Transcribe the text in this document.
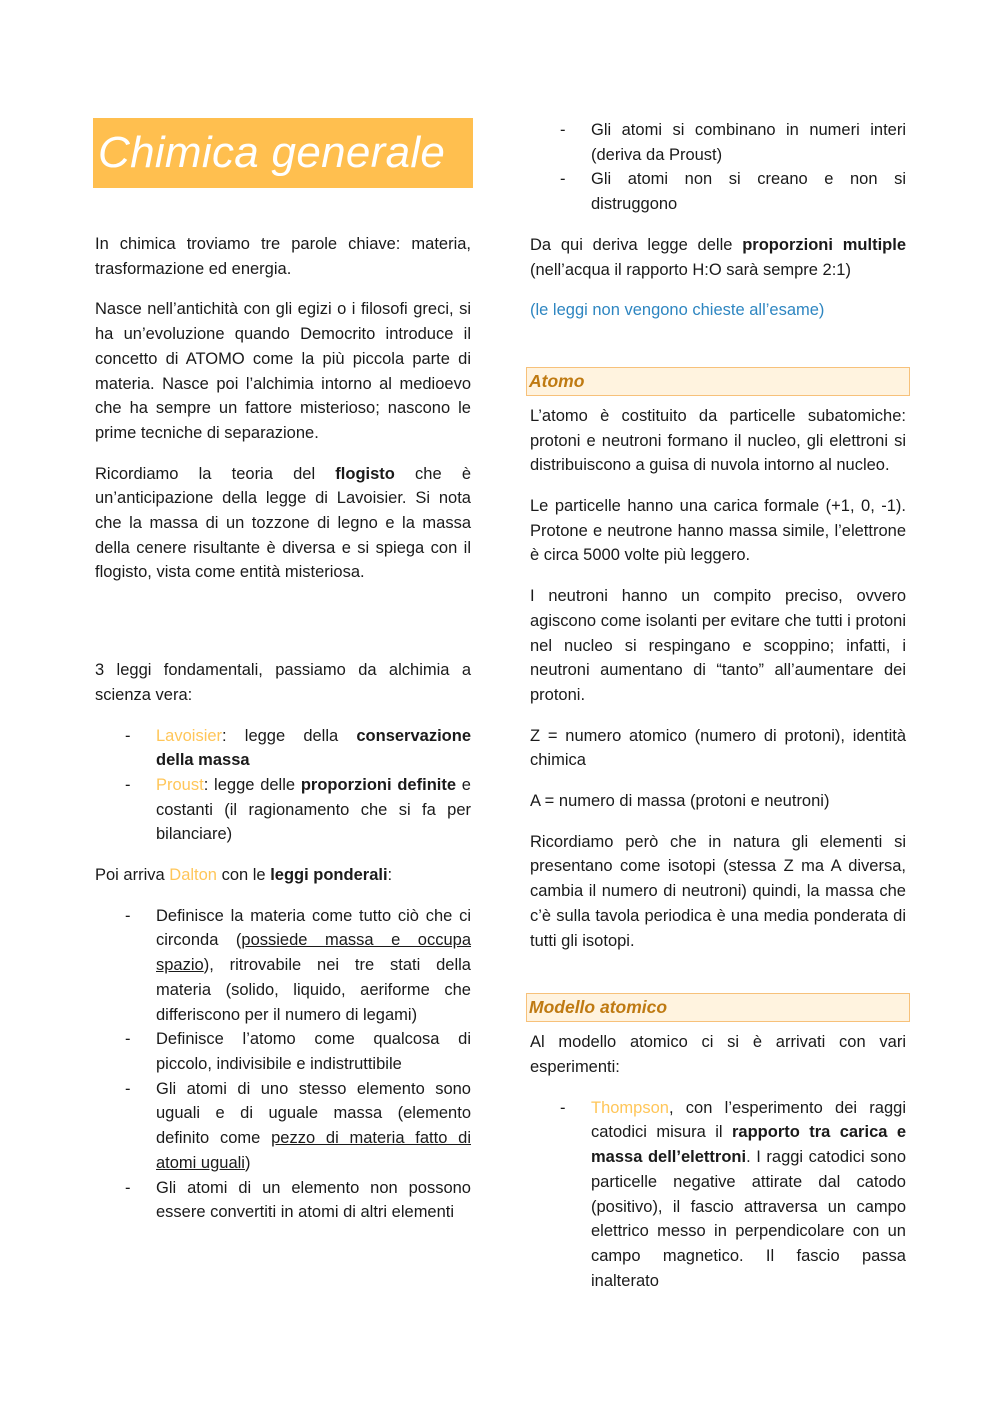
Chimica generale

In chimica troviamo tre parole chiave: materia, trasformazione ed energia.

Nasce nell’antichità con gli egizi o i filosofi greci, si ha un’evoluzione quando Democrito introduce il concetto di ATOMO come la più piccola parte di materia. Nasce poi l’alchimia intorno al medioevo che ha sempre un fattore misterioso; nascono le prime tecniche di separazione.

Ricordiamo la teoria del flogisto che è un’anticipazione della legge di Lavoisier. Si nota che la massa di un tozzone di legno e la massa della cenere risultante è diversa e si spiega con il flogisto, vista come entità misteriosa.

3 leggi fondamentali, passiamo da alchimia a scienza vera:

- Lavoisier: legge della conservazione della massa
- Proust: legge delle proporzioni definite e costanti (il ragionamento che si fa per bilanciare)

Poi arriva Dalton con le leggi ponderali:

- Definisce la materia come tutto ciò che ci circonda (possiede massa e occupa spazio), ritrovabile nei tre stati della materia (solido, liquido, aeriforme che differiscono per il numero di legami)
- Definisce l’atomo come qualcosa di piccolo, indivisibile e indistruttibile
- Gli atomi di uno stesso elemento sono uguali e di uguale massa (elemento definito come pezzo di materia fatto di atomi uguali)
- Gli atomi di un elemento non possono essere convertiti in atomi di altri elementi
- Gli atomi si combinano in numeri interi (deriva da Proust)
- Gli atomi non si creano e non si distruggono

Da qui deriva legge delle proporzioni multiple (nell’acqua il rapporto H:O sarà sempre 2:1)

(le leggi non vengono chieste all’esame)

Atomo

L’atomo è costituito da particelle subatomiche: protoni e neutroni formano il nucleo, gli elettroni si distribuiscono a guisa di nuvola intorno al nucleo.

Le particelle hanno una carica formale (+1, 0, -1). Protone e neutrone hanno massa simile, l’elettrone è circa 5000 volte più leggero.

I neutroni hanno un compito preciso, ovvero agiscono come isolanti per evitare che tutti i protoni nel nucleo si respingano e scoppino; infatti, i neutroni aumentano di “tanto” all’aumentare dei protoni.

Z = numero atomico (numero di protoni), identità chimica

A = numero di massa (protoni e neutroni)

Ricordiamo però che in natura gli elementi si presentano come isotopi (stessa Z ma A diversa, cambia il numero di neutroni) quindi, la massa che c’è sulla tavola periodica è una media ponderata di tutti gli isotopi.

Modello atomico

Al modello atomico ci si è arrivati con vari esperimenti:

- Thompson, con l’esperimento dei raggi catodici misura il rapporto tra carica e massa dell’elettroni. I raggi catodici sono particelle negative attirate dal catodo (positivo), il fascio attraversa un campo elettrico messo in perpendicolare con un campo magnetico. Il fascio passa inalterato
